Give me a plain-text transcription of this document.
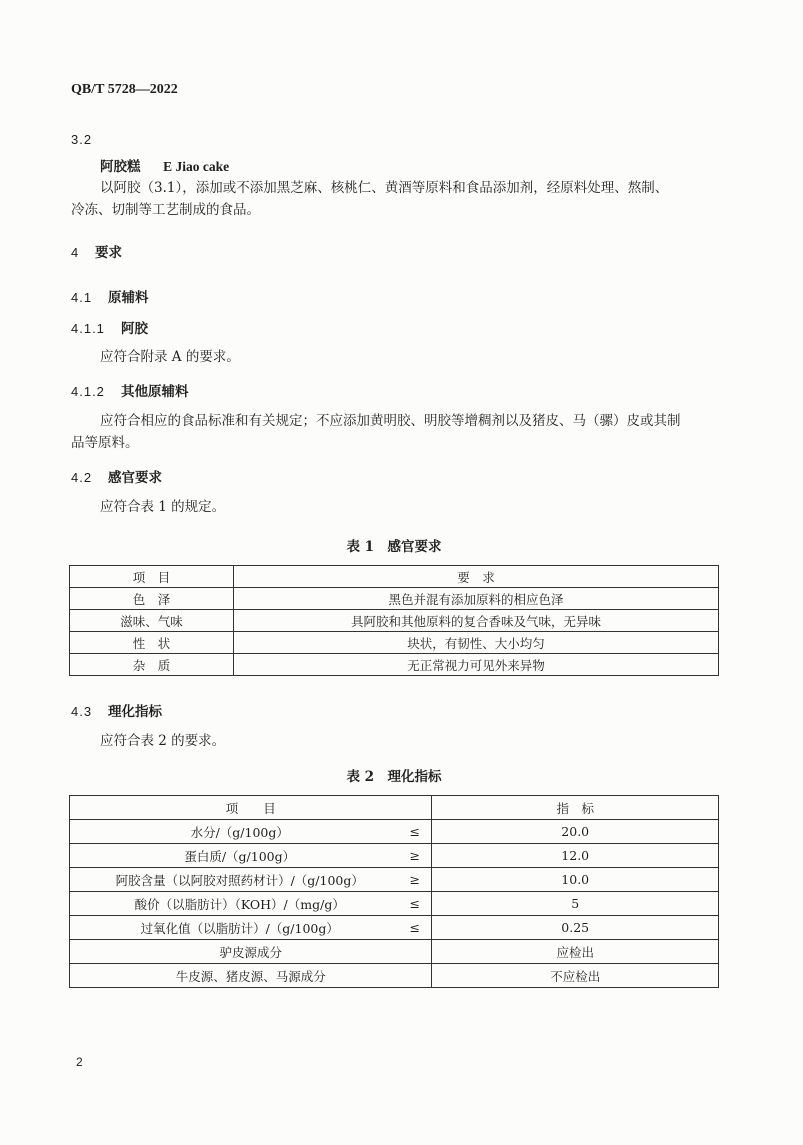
QB/T 5728—2022
3.2
阿胶糕 E Jiao cake
以阿胶（3.1），添加或不添加黑芝麻、核桃仁、黄酒等原料和食品添加剂，经原料处理、熬制、
冷冻、切制等工艺制成的食品。
4 要求
4.1 原辅料
4.1.1 阿胶
应符合附录 A 的要求。
4.1.2 其他原辅料
应符合相应的食品标准和有关规定；不应添加黄明胶、明胶等增稠剂以及猪皮、马（骡）皮或其制
品等原料。
4.2 感官要求
应符合表 1 的规定。
表 1　感官要求
项　目	要　求
色　泽	黑色并混有添加原料的相应色泽
滋味、气味	具阿胶和其他原料的复合香味及气味，无异味
性　状	块状，有韧性、大小均匀
杂　质	无正常视力可见外来异物
4.3 理化指标
应符合表 2 的要求。
表 2　理化指标
项　　目		指　标
水分/（g/100g）	≤	20.0
蛋白质/（g/100g）	≥	12.0
阿胶含量（以阿胶对照药材计）/（g/100g）	≥	10.0
酸价（以脂肪计）（KOH）/（mg/g）	≤	5
过氧化值（以脂肪计）/（g/100g）	≤	0.25
驴皮源成分		应检出
牛皮源、猪皮源、马源成分		不应检出
2
